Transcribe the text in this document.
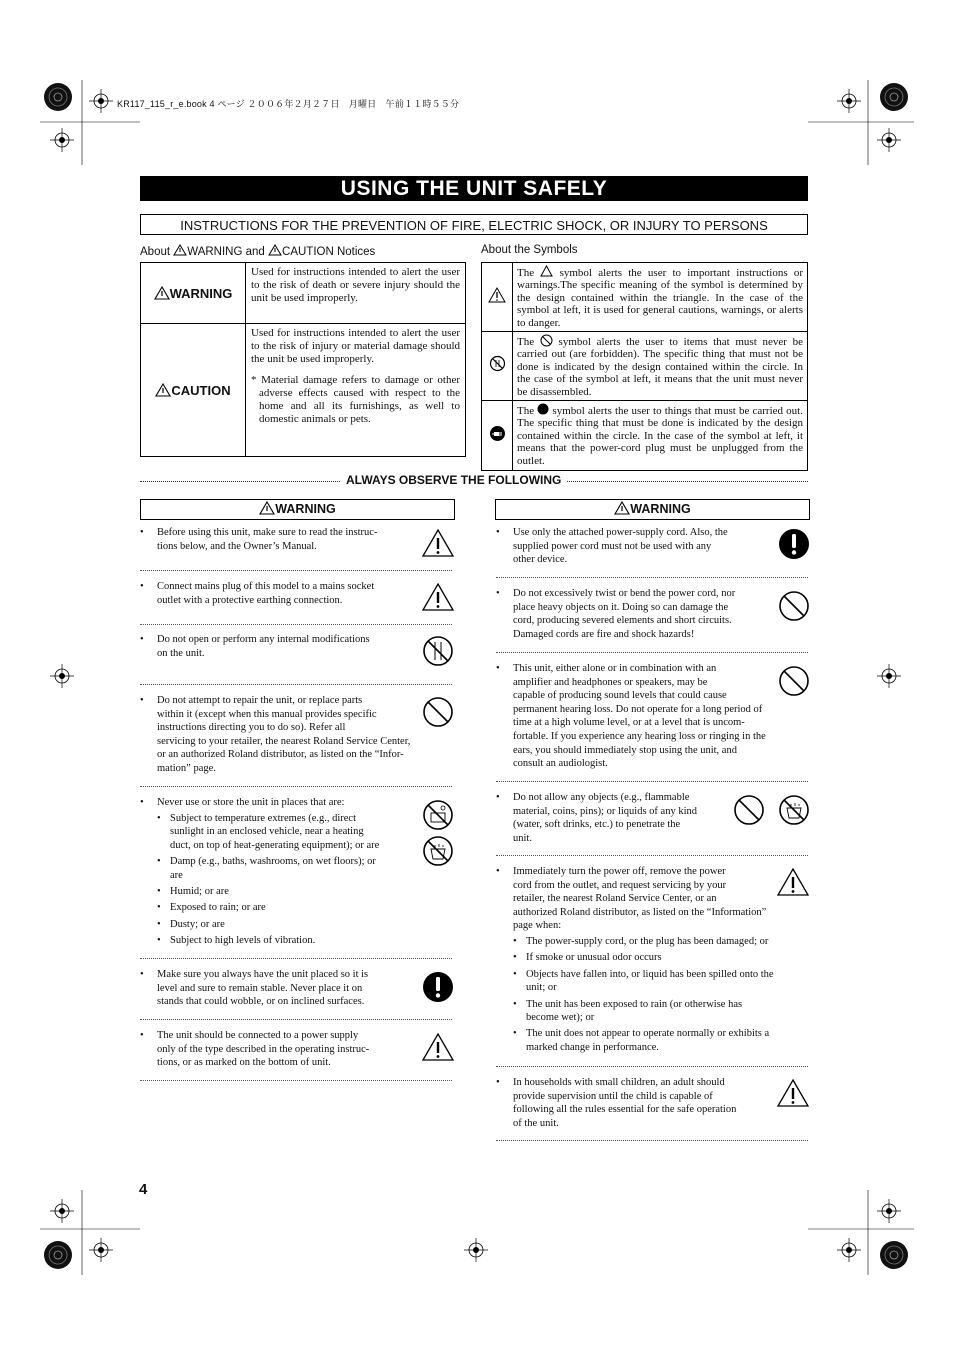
KR117_115_r_e.book 4 ページ ２００６年２月２７日　月曜日　午前１１時５５分
USING THE UNIT SAFELY
INSTRUCTIONS FOR THE PREVENTION OF FIRE, ELECTRIC SHOCK, OR INJURY TO PERSONS
About WARNING and CAUTION Notices
WARNING	Used for instructions intended to alert the user to the risk of death or severe injury should the unit be used improperly.
CAUTION	Used for instructions intended to alert the user to the risk of injury or material damage should the unit be used improperly.
* Material damage refers to damage or other adverse effects caused with respect to the home and all its furnishings, as well to domestic animals or pets.
About the Symbols
	The symbol alerts the user to important instructions or warnings.The specific meaning of the symbol is determined by the design contained within the triangle. In the case of the symbol at left, it is used for general cautions, warnings, or alerts to danger.
	The symbol alerts the user to items that must never be carried out (are forbidden). The specific thing that must not be done is indicated by the design contained within the circle. In the case of the symbol at left, it means that the unit must never be disassembled.
	The symbol alerts the user to things that must be carried out. The specific thing that must be done is indicated by the design contained within the circle. In the case of the symbol at left, it means that the power-cord plug must be unplugged from the outlet.
ALWAYS OBSERVE THE FOLLOWING
WARNING	WARNING
• Before using this unit, make sure to read the instruc-
tions below, and the Owner’s Manual.
• Connect mains plug of this model to a mains socket
outlet with a protective earthing connection.
• Do not open or perform any internal modifications
on the unit.
• Do not attempt to repair the unit, or replace parts
within it (except when this manual provides specific
instructions directing you to do so). Refer all
servicing to your retailer, the nearest Roland Service Center,
or an authorized Roland distributor, as listed on the “Infor-
mation” page.
• Never use or store the unit in places that are:
• Subject to temperature extremes (e.g., direct
sunlight in an enclosed vehicle, near a heating
duct, on top of heat-generating equipment); or are
• Damp (e.g., baths, washrooms, on wet floors); or
are
• Humid; or are
• Exposed to rain; or are
• Dusty; or are
• Subject to high levels of vibration.
• Make sure you always have the unit placed so it is
level and sure to remain stable. Never place it on
stands that could wobble, or on inclined surfaces.
• The unit should be connected to a power supply
only of the type described in the operating instruc-
tions, or as marked on the bottom of unit.
• Use only the attached power-supply cord. Also, the
supplied power cord must not be used with any
other device.
• Do not excessively twist or bend the power cord, nor
place heavy objects on it. Doing so can damage the
cord, producing severed elements and short circuits.
Damaged cords are fire and shock hazards!
• This unit, either alone or in combination with an
amplifier and headphones or speakers, may be
capable of producing sound levels that could cause
permanent hearing loss. Do not operate for a long period of
time at a high volume level, or at a level that is uncom-
fortable. If you experience any hearing loss or ringing in the
ears, you should immediately stop using the unit, and
consult an audiologist.
• Do not allow any objects (e.g., flammable
material, coins, pins); or liquids of any kind
(water, soft drinks, etc.) to penetrate the
unit.
• Immediately turn the power off, remove the power
cord from the outlet, and request servicing by your
retailer, the nearest Roland Service Center, or an
authorized Roland distributor, as listed on the “Information”
page when:
• The power-supply cord, or the plug has been damaged; or
• If smoke or unusual odor occurs
• Objects have fallen into, or liquid has been spilled onto the
unit; or
• The unit has been exposed to rain (or otherwise has
become wet); or
• The unit does not appear to operate normally or exhibits a
marked change in performance.
• In households with small children, an adult should
provide supervision until the child is capable of
following all the rules essential for the safe operation
of the unit.
4
